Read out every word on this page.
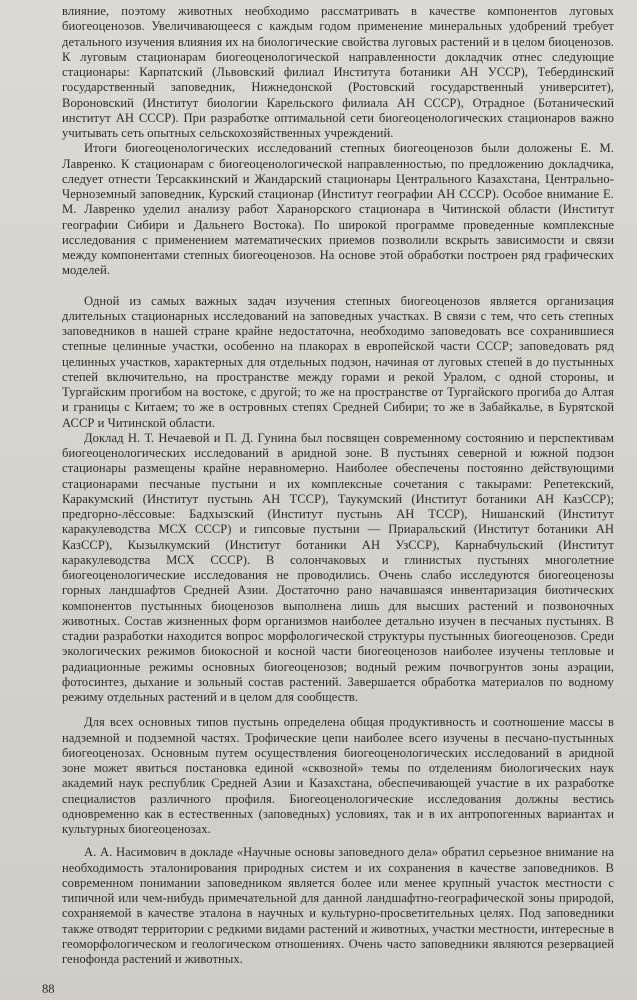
влияние, поэтому животных необходимо рассматривать в качестве компонентов луговых биогеоценозов. Увеличивающееся с каждым годом применение минеральных удобрений требует детального изучения влияния их на биологические свойства луговых растений и в целом биоценозов. К луговым стационарам биогеоценологической направленности докладчик отнес следующие стационары: Карпатский (Львовский филиал Института ботаники АН УССР), Тебердинский государственный заповедник, Нижнедонской (Ростовский государственный университет), Вороновский (Институт биологии Карельского филиала АН СССР), Отрадное (Ботанический институт АН СССР). При разработке оптимальной сети биогеоценологических стационаров важно учитывать сеть опытных сельскохозяйственных учреждений.

Итоги биогеоценологических исследований степных биогеоценозов были доложены Е. М. Лавренко. К стационарам с биогеоценологической направленностью, по предложению докладчика, следует отнести Терсаккинский и Жандарский стационары Центрального Казахстана, Центрально-Черноземный заповедник, Курский стационар (Институт географии АН СССР). Особое внимание Е. М. Лавренко уделил анализу работ Харанорского стационара в Читинской области (Институт географии Сибири и Дальнего Востока). По широкой программе проведенные комплексные исследования с применением математических приемов позволили вскрыть зависимости и связи между компонентами степных биогеоценозов. На основе этой обработки построен ряд графических моделей.

Одной из самых важных задач изучения степных биогеоценозов является организация длительных стационарных исследований на заповедных участках. В связи с тем, что сеть степных заповедников в нашей стране крайне недостаточна, необходимо заповедовать все сохранившиеся степные целинные участки, особенно на плакорах в европейской части СССР; заповедовать ряд целинных участков, характерных для отдельных подзон, начиная от луговых степей в до пустынных степей включительно, на пространстве между горами и рекой Уралом, с одной стороны, и Тургайским прогибом на востоке, с другой; то же на пространстве от Тургайского прогиба до Алтая и границы с Китаем; то же в островных степях Средней Сибири; то же в Забайкалье, в Бурятской АССР и Читинской области.

Доклад Н. Т. Нечаевой и П. Д. Гунина был посвящен современному состоянию и перспективам биогеоценологических исследований в аридной зоне. В пустынях северной и южной подзон стационары размещены крайне неравномерно. Наиболее обеспечены постоянно действующими стационарами песчаные пустыни и их комплексные сочетания с такырами: Репетекский, Каракумский (Институт пустынь АН ТССР), Таукумский (Институт ботаники АН КазССР); предгорно-лёссовые: Бадхызский (Институт пустынь АН ТССР), Нишанский (Институт каракулеводства МСХ СССР) и гипсовые пустыни — Приаральский (Институт ботаники АН КазССР), Кызылкумский (Институт ботаники АН УзССР), Карнабчульский (Институт каракулеводства МСХ СССР). В солончаковых и глинистых пустынях многолетние биогеоценологические исследования не проводились. Очень слабо исследуются биогеоценозы горных ландшафтов Средней Азии. Достаточно рано начавшаяся инвентаризация биотических компонентов пустынных биоценозов выполнена лишь для высших растений и позвоночных животных. Состав жизненных форм организмов наиболее детально изучен в песчаных пустынях. В стадии разработки находится вопрос морфологической структуры пустынных биогеоценозов. Среди экологических режимов биокосной и косной части биогеоценозов наиболее изучены тепловые и радиационные режимы основных биогеоценозов; водный режим почвогрунтов зоны аэрации, фотосинтез, дыхание и зольный состав растений. Завершается обработка материалов по водному режиму отдельных растений и в целом для сообществ.

Для всех основных типов пустынь определена общая продуктивность и соотношение массы в надземной и подземной частях. Трофические цепи наиболее всего изучены в песчано-пустынных биогеоценозах. Основным путем осуществления биогеоценологических исследований в аридной зоне может явиться постановка единой «сквозной» темы по отделениям биологических наук академий наук республик Средней Азии и Казахстана, обеспечивающей участие в их разработке специалистов различного профиля. Биогеоценологические исследования должны вестись одновременно как в естественных (заповедных) условиях, так и в их антропогенных вариантах и культурных биогеоценозах.

А. А. Насимович в докладе «Научные основы заповедного дела» обратил серьезное внимание на необходимость эталонирования природных систем и их сохранения в качестве заповедников. В современном понимании заповедником является более или менее крупный участок местности с типичной или чем-нибудь примечательной для данной ландшафтно-географической зоны природой, сохраняемой в качестве эталона в научных и культурно-просветительных целях. Под заповедники также отводят территории с редкими видами растений и животных, участки местности, интересные в геоморфологическом и геологическом отношениях. Очень часто заповедники являются резервацией генофонда растений и животных.

88
